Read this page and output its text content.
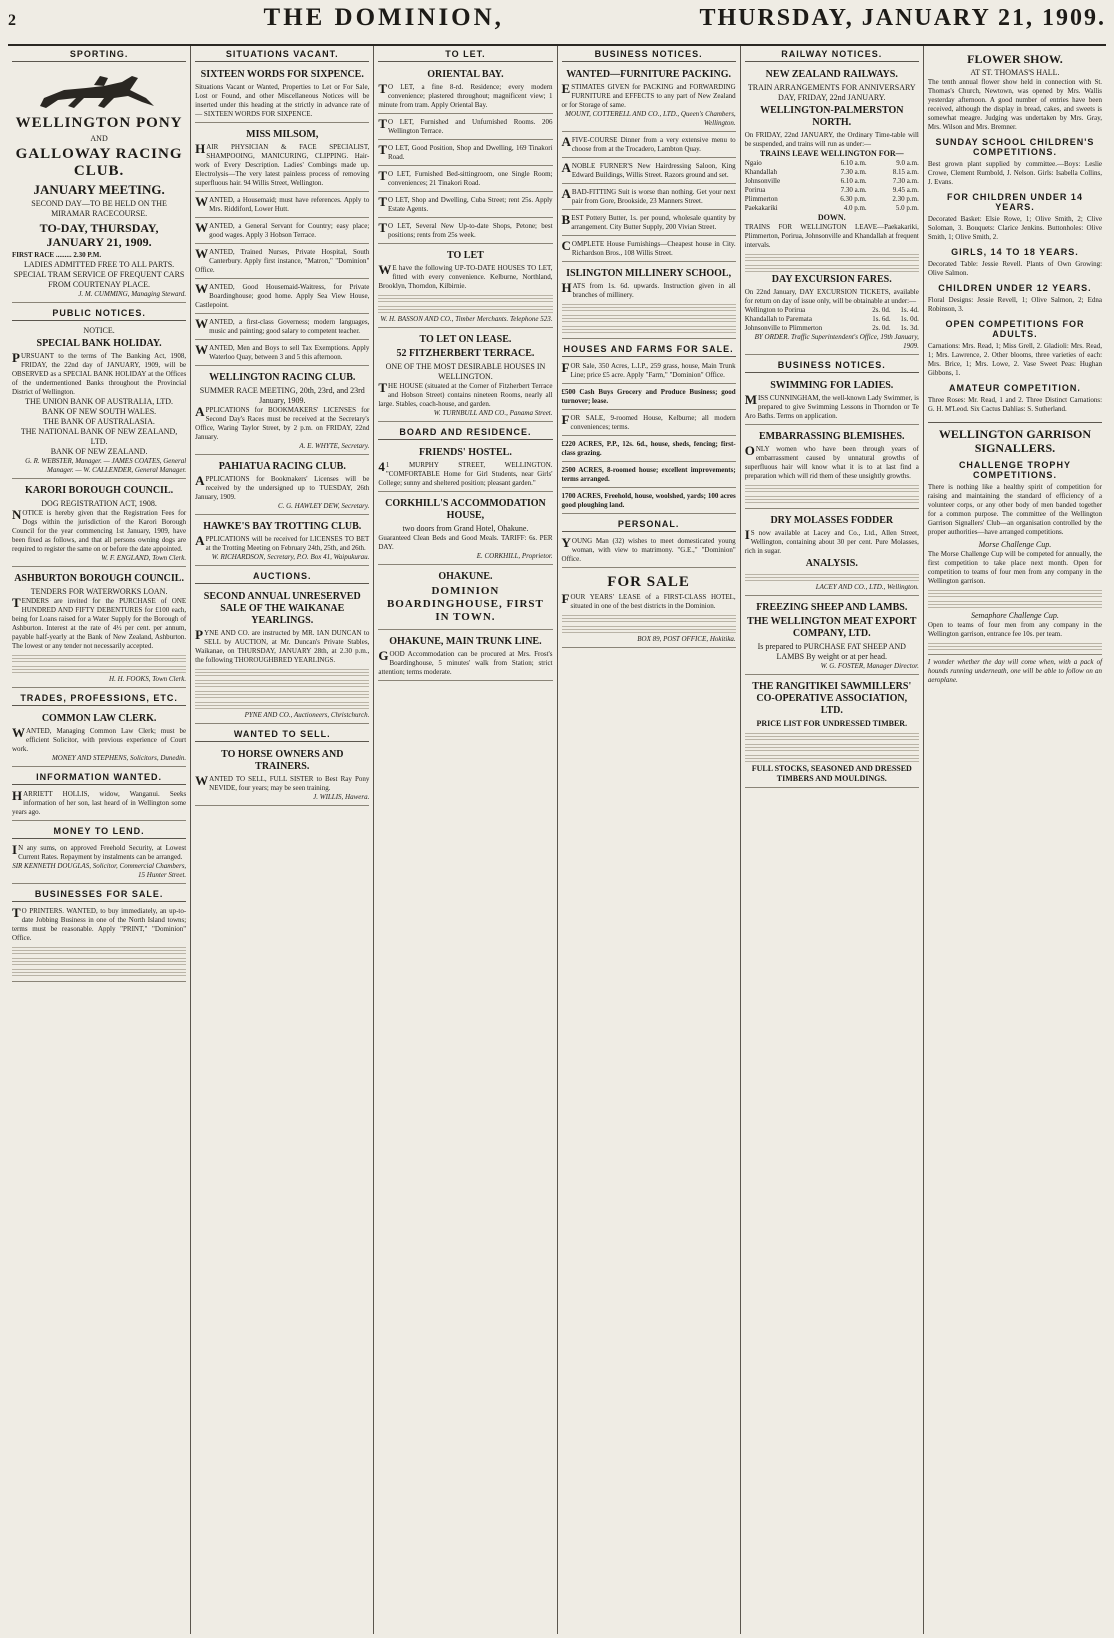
2	THE DOMINION,	THURSDAY, JANUARY 21, 1909.
SPORTING.
WELLINGTON PONY
AND
GALLOWAY RACING CLUB.
JANUARY MEETING.
SECOND DAY—TO BE HELD ON THE MIRAMAR RACECOURSE.
TO-DAY, THURSDAY, JANUARY 21, 1909.
FIRST RACE ......... 2.30 P.M.
LADIES ADMITTED FREE TO ALL PARTS.
SPECIAL TRAM SERVICE OF FREQUENT CARS FROM COURTENAY PLACE.
J. M. CUMMING, Managing Steward.
PUBLIC NOTICES.
NOTICE.
SPECIAL BANK HOLIDAY.
PURSUANT to the terms of The Banking Act, 1908, FRIDAY, the 22nd day of JANUARY, 1909, will be OBSERVED as a SPECIAL BANK HOLIDAY at the Offices of the undermentioned Banks throughout the Provincial District of Wellington.
THE UNION BANK OF AUSTRALIA, LTD.
BANK OF NEW SOUTH WALES.
THE BANK OF AUSTRALASIA.
THE NATIONAL BANK OF NEW ZEALAND, LTD.
BANK OF NEW ZEALAND.
G. R. WEBSTER, Manager. — JAMES COATES, General Manager. — W. CALLENDER, General Manager.
KARORI BOROUGH COUNCIL.
DOG REGISTRATION ACT, 1908.
NOTICE is hereby given that the Registration Fees for Dogs within the jurisdiction of the Karori Borough Council for the year commencing 1st January, 1909, have been fixed as follows, and that all persons owning dogs are required to register the same on or before the date appointed.
W. F. ENGLAND, Town Clerk.
ASHBURTON BOROUGH COUNCIL.
TENDERS FOR WATERWORKS LOAN.
TENDERS are invited for the PURCHASE of ONE HUNDRED AND FIFTY DEBENTURES for £100 each, being for Loans raised for a Water Supply for the Borough of Ashburton. Interest at the rate of 4½ per cent. per annum, payable half-yearly at the Bank of New Zealand, Ashburton. The lowest or any tender not necessarily accepted.
H. H. FOOKS, Town Clerk.
TRADES, PROFESSIONS, ETC.
COMMON LAW CLERK.
WANTED, Managing Common Law Clerk; must be efficient Solicitor, with previous experience of Court work.
MONEY AND STEPHENS, Solicitors, Dunedin.
INFORMATION WANTED.
HARRIETT HOLLIS, widow, Wanganui. Seeks information of her son, last heard of in Wellington some years ago.
MONEY TO LEND.
IN any sums, on approved Freehold Security, at Lowest Current Rates. Repayment by instalments can be arranged.
SIR KENNETH DOUGLAS, Solicitor, Commercial Chambers, 15 Hunter Street.
BUSINESSES FOR SALE.
TO PRINTERS. WANTED, to buy immediately, an up-to-date Jobbing Business in one of the North Island towns; terms must be reasonable. Apply "PRINT," "Dominion" Office.
SITUATIONS VACANT.
SIXTEEN WORDS FOR SIXPENCE.
Situations Vacant or Wanted, Properties to Let or For Sale, Lost or Found, and other Miscellaneous Notices will be inserted under this heading at the strictly in advance rate of — SIXTEEN WORDS FOR SIXPENCE.
MISS MILSOM,
HAIR PHYSICIAN & FACE SPECIALIST, SHAMPOOING, MANICURING, CLIPPING. Hair-work of Every Description. Ladies' Combings made up. Electrolysis—The very latest painless process of removing superfluous hair. 94 Willis Street, Wellington.
WANTED, a Housemaid; must have references. Apply to Mrs. Riddiford, Lower Hutt.
WANTED, a General Servant for Country; easy place; good wages. Apply 3 Hobson Terrace.
WANTED, Trained Nurses, Private Hospital, South Canterbury. Apply first instance, "Matron," "Dominion" Office.
WANTED, Good Housemaid-Waitress, for Private Boardinghouse; good home. Apply Sea View House, Castlepoint.
WANTED, a first-class Governess; modern languages, music and painting; good salary to competent teacher.
WANTED, Men and Boys to sell Tax Exemptions. Apply Waterloo Quay, between 3 and 5 this afternoon.
WELLINGTON RACING CLUB.
SUMMER RACE MEETING, 20th, 23rd, and 23rd January, 1909.
APPLICATIONS for BOOKMAKERS' LICENSES for Second Day's Races must be received at the Secretary's Office, Waring Taylor Street, by 2 p.m. on FRIDAY, 22nd January.
A. E. WHYTE, Secretary.
PAHIATUA RACING CLUB.
APPLICATIONS for Bookmakers' Licenses will be received by the undersigned up to TUESDAY, 26th January, 1909.
C. G. HAWLEY DEW, Secretary.
HAWKE'S BAY TROTTING CLUB.
APPLICATIONS will be received for LICENSES TO BET at the Trotting Meeting on February 24th, 25th, and 26th.
W. RICHARDSON, Secretary, P.O. Box 41, Waipukurau.
AUCTIONS.
SECOND ANNUAL UNRESERVED SALE OF THE WAIKANAE YEARLINGS.
PYNE AND CO. are instructed by MR. IAN DUNCAN to SELL by AUCTION, at Mr. Duncan's Private Stables, Waikanae, on THURSDAY, JANUARY 28th, at 2.30 p.m., the following THOROUGHBRED YEARLINGS.
PYNE AND CO., Auctioneers, Christchurch.
WANTED TO SELL.
TO HORSE OWNERS AND TRAINERS.
WANTED TO SELL, FULL SISTER to Best Ray Pony NEVIDE, four years; may be seen training.
J. WILLIS, Hawera.
TO LET.
ORIENTAL BAY.
TO LET, a fine 8-rd. Residence; every modern convenience; plastered throughout; magnificent view; 1 minute from tram. Apply Oriental Bay.
TO LET, Furnished and Unfurnished Rooms. 206 Wellington Terrace.
TO LET, Good Position, Shop and Dwelling, 169 Tinakori Road.
TO LET, Furnished Bed-sittingroom, one Single Room; conveniences; 21 Tinakori Road.
TO LET, Shop and Dwelling, Cuba Street; rent 25s. Apply Estate Agents.
TO LET, Several New Up-to-date Shops, Petone; best positions; rents from 25s week.
TO LET
WE have the following UP-TO-DATE HOUSES TO LET, fitted with every convenience. Kelburne, Northland, Brooklyn, Thorndon, Kilbirnie.
W. H. BASSON AND CO., Timber Merchants. Telephone 523.
TO LET ON LEASE.
52 FITZHERBERT TERRACE.
ONE OF THE MOST DESIRABLE HOUSES IN WELLINGTON.
THE HOUSE (situated at the Corner of Fitzherbert Terrace and Hobson Street) contains nineteen Rooms, nearly all large. Stables, coach-house, and garden.
W. TURNBULL AND CO., Panama Street.
BOARD AND RESIDENCE.
FRIENDS' HOSTEL.
41 MURPHY STREET, WELLINGTON. "COMFORTABLE Home for Girl Students, near Girls' College; sunny and sheltered position; pleasant garden."
CORKHILL'S ACCOMMODATION HOUSE,
two doors from Grand Hotel, Ohakune.
Guaranteed Clean Beds and Good Meals. TARIFF: 6s. PER DAY.
E. CORKHILL, Proprietor.
OHAKUNE.
DOMINION BOARDINGHOUSE, FIRST IN TOWN.
OHAKUNE, MAIN TRUNK LINE.
GOOD Accommodation can be procured at Mrs. Frost's Boardinghouse, 5 minutes' walk from Station; strict attention; terms moderate.
BUSINESS NOTICES.
WANTED—FURNITURE PACKING.
ESTIMATES GIVEN for PACKING and FORWARDING FURNITURE and EFFECTS to any part of New Zealand or for Storage of same.
MOUNT, COTTERELL AND CO., LTD., Queen's Chambers, Wellington.
AFIVE-COURSE Dinner from a very extensive menu to choose from at the Trocadero, Lambton Quay.
ANOBLE FURNER'S New Hairdressing Saloon, King Edward Buildings, Willis Street. Razors ground and set.
ABAD-FITTING Suit is worse than nothing. Get your next pair from Gore, Brookside, 23 Manners Street.
BEST Pottery Butter, 1s. per pound, wholesale quantity by arrangement. City Butter Supply, 200 Vivian Street.
COMPLETE House Furnishings—Cheapest house in City. Richardson Bros., 108 Willis Street.
ISLINGTON MILLINERY SCHOOL,
HATS from 1s. 6d. upwards. Instruction given in all branches of millinery.
HOUSES AND FARMS FOR SALE.
FOR Sale, 350 Acres, L.I.P., 259 grass, house, Main Trunk Line; price £5 acre. Apply "Farm," "Dominion" Office.
£500 Cash Buys Grocery and Produce Business; good turnover; lease.
FOR SALE, 9-roomed House, Kelburne; all modern conveniences; terms.
£220 ACRES, P.P., 12s. 6d., house, sheds, fencing; first-class grazing.
2500 ACRES, 8-roomed house; excellent improvements; terms arranged.
1700 ACRES, Freehold, house, woolshed, yards; 100 acres good ploughing land.
PERSONAL.
YOUNG Man (32) wishes to meet domesticated young woman, with view to matrimony. "G.E.," "Dominion" Office.
FOR SALE
FOUR YEARS' LEASE of a FIRST-CLASS HOTEL, situated in one of the best districts in the Dominion.
BOX 89, POST OFFICE, Hokitika.
RAILWAY NOTICES.
NEW ZEALAND RAILWAYS.
TRAIN ARRANGEMENTS FOR ANNIVERSARY DAY, FRIDAY, 22nd JANUARY.
WELLINGTON-PALMERSTON NORTH.
On FRIDAY, 22nd JANUARY, the Ordinary Time-table will be suspended, and trains will run as under:—
TRAINS LEAVE WELLINGTON FOR—
Ngaio	6.10 a.m.	9.0 a.m.
Khandallah	7.30 a.m.	8.15 a.m.
Johnsonville	6.10 a.m.	7.30 a.m.
Porirua	7.30 a.m.	9.45 a.m.
Plimmerton	6.30 p.m.	2.30 p.m.
Paekakariki	4.0 p.m.	5.0 p.m.
DOWN.
TRAINS FOR WELLINGTON LEAVE—Paekakariki, Plimmerton, Porirua, Johnsonville and Khandallah at frequent intervals.
DAY EXCURSION FARES.
On 22nd January, DAY EXCURSION TICKETS, available for return on day of issue only, will be obtainable at under:—
Wellington to Porirua	2s. 0d.	1s. 4d.
Khandallah to Paremata	1s. 6d.	1s. 0d.
Johnsonville to Plimmerton	2s. 0d.	1s. 3d.
BY ORDER. Traffic Superintendent's Office, 19th January, 1909.
BUSINESS NOTICES.
SWIMMING FOR LADIES.
MISS CUNNINGHAM, the well-known Lady Swimmer, is prepared to give Swimming Lessons in Thorndon or Te Aro Baths. Terms on application.
EMBARRASSING BLEMISHES.
ONLY women who have been through years of embarrassment caused by unnatural growths of superfluous hair will know what it is to at last find a preparation which will rid them of these unsightly growths.
DRY MOLASSES FODDER
IS now available at Lacey and Co., Ltd., Allen Street, Wellington, containing about 30 per cent. Pure Molasses, rich in sugar.
ANALYSIS.
LACEY AND CO., LTD., Wellington.
FREEZING SHEEP AND LAMBS.
THE WELLINGTON MEAT EXPORT COMPANY, LTD.
Is prepared to PURCHASE FAT SHEEP AND LAMBS By weight or at per head.
W. G. FOSTER, Manager Director.
THE RANGITIKEI SAWMILLERS' CO-OPERATIVE ASSOCIATION, LTD.
PRICE LIST FOR UNDRESSED TIMBER.
FULL STOCKS, SEASONED AND DRESSED TIMBERS AND MOULDINGS.
FLOWER SHOW.
AT ST. THOMAS'S HALL.
The tenth annual flower show held in connection with St. Thomas's Church, Newtown, was opened by Mrs. Wallis yesterday afternoon. A good number of entries have been received, although the display in bread, cakes, and sweets is somewhat meagre. Judging was undertaken by Mrs. Gray, Mrs. Wilson and Mrs. Bremner.
SUNDAY SCHOOL CHILDREN'S COMPETITIONS.
Best grown plant supplied by committee.—Boys: Leslie Crowe, Clement Rumbold, J. Nelson. Girls: Isabella Collins, J. Evans.
FOR CHILDREN UNDER 14 YEARS.
Decorated Basket: Elsie Rowe, 1; Olive Smith, 2; Clive Soloman, 3. Bouquets: Clarice Jenkins. Buttonholes: Olive Smith, 1; Olive Smith, 2.
GIRLS, 14 TO 18 YEARS.
Decorated Table: Jessie Revell. Plants of Own Growing: Olive Salmon.
CHILDREN UNDER 12 YEARS.
Floral Designs: Jessie Revell, 1; Olive Salmon, 2; Edna Robinson, 3.
OPEN COMPETITIONS FOR ADULTS.
Carnations: Mrs. Read, 1; Miss Grell, 2. Gladioli: Mrs. Read, 1; Mrs. Lawrence, 2. Other blooms, three varieties of each: Mrs. Brice, 1; Mrs. Lowe, 2. Vase Sweet Peas: Hughan Gibbons, 1.
AMATEUR COMPETITION.
Three Roses: Mr. Read, 1 and 2. Three Distinct Carnations: G. H. M'Leod. Six Cactus Dahlias: S. Sutherland.
WELLINGTON GARRISON SIGNALLERS.
CHALLENGE TROPHY COMPETITIONS.
There is nothing like a healthy spirit of competition for raising and maintaining the standard of efficiency of a volunteer corps, or any other body of men banded together for a common purpose. The committee of the Wellington Garrison Signallers' Club—an organisation controlled by the proper authorities—have arranged competitions.
Morse Challenge Cup.
The Morse Challenge Cup will be competed for annually, the first competition to take place next month. Open for competition to teams of four men from any company in the Wellington garrison.
Semaphore Challenge Cup.
Open to teams of four men from any company in the Wellington garrison, entrance fee 10s. per team.
I wonder whether the day will come when, with a pack of hounds running underneath, one will be able to follow on an aeroplane.
